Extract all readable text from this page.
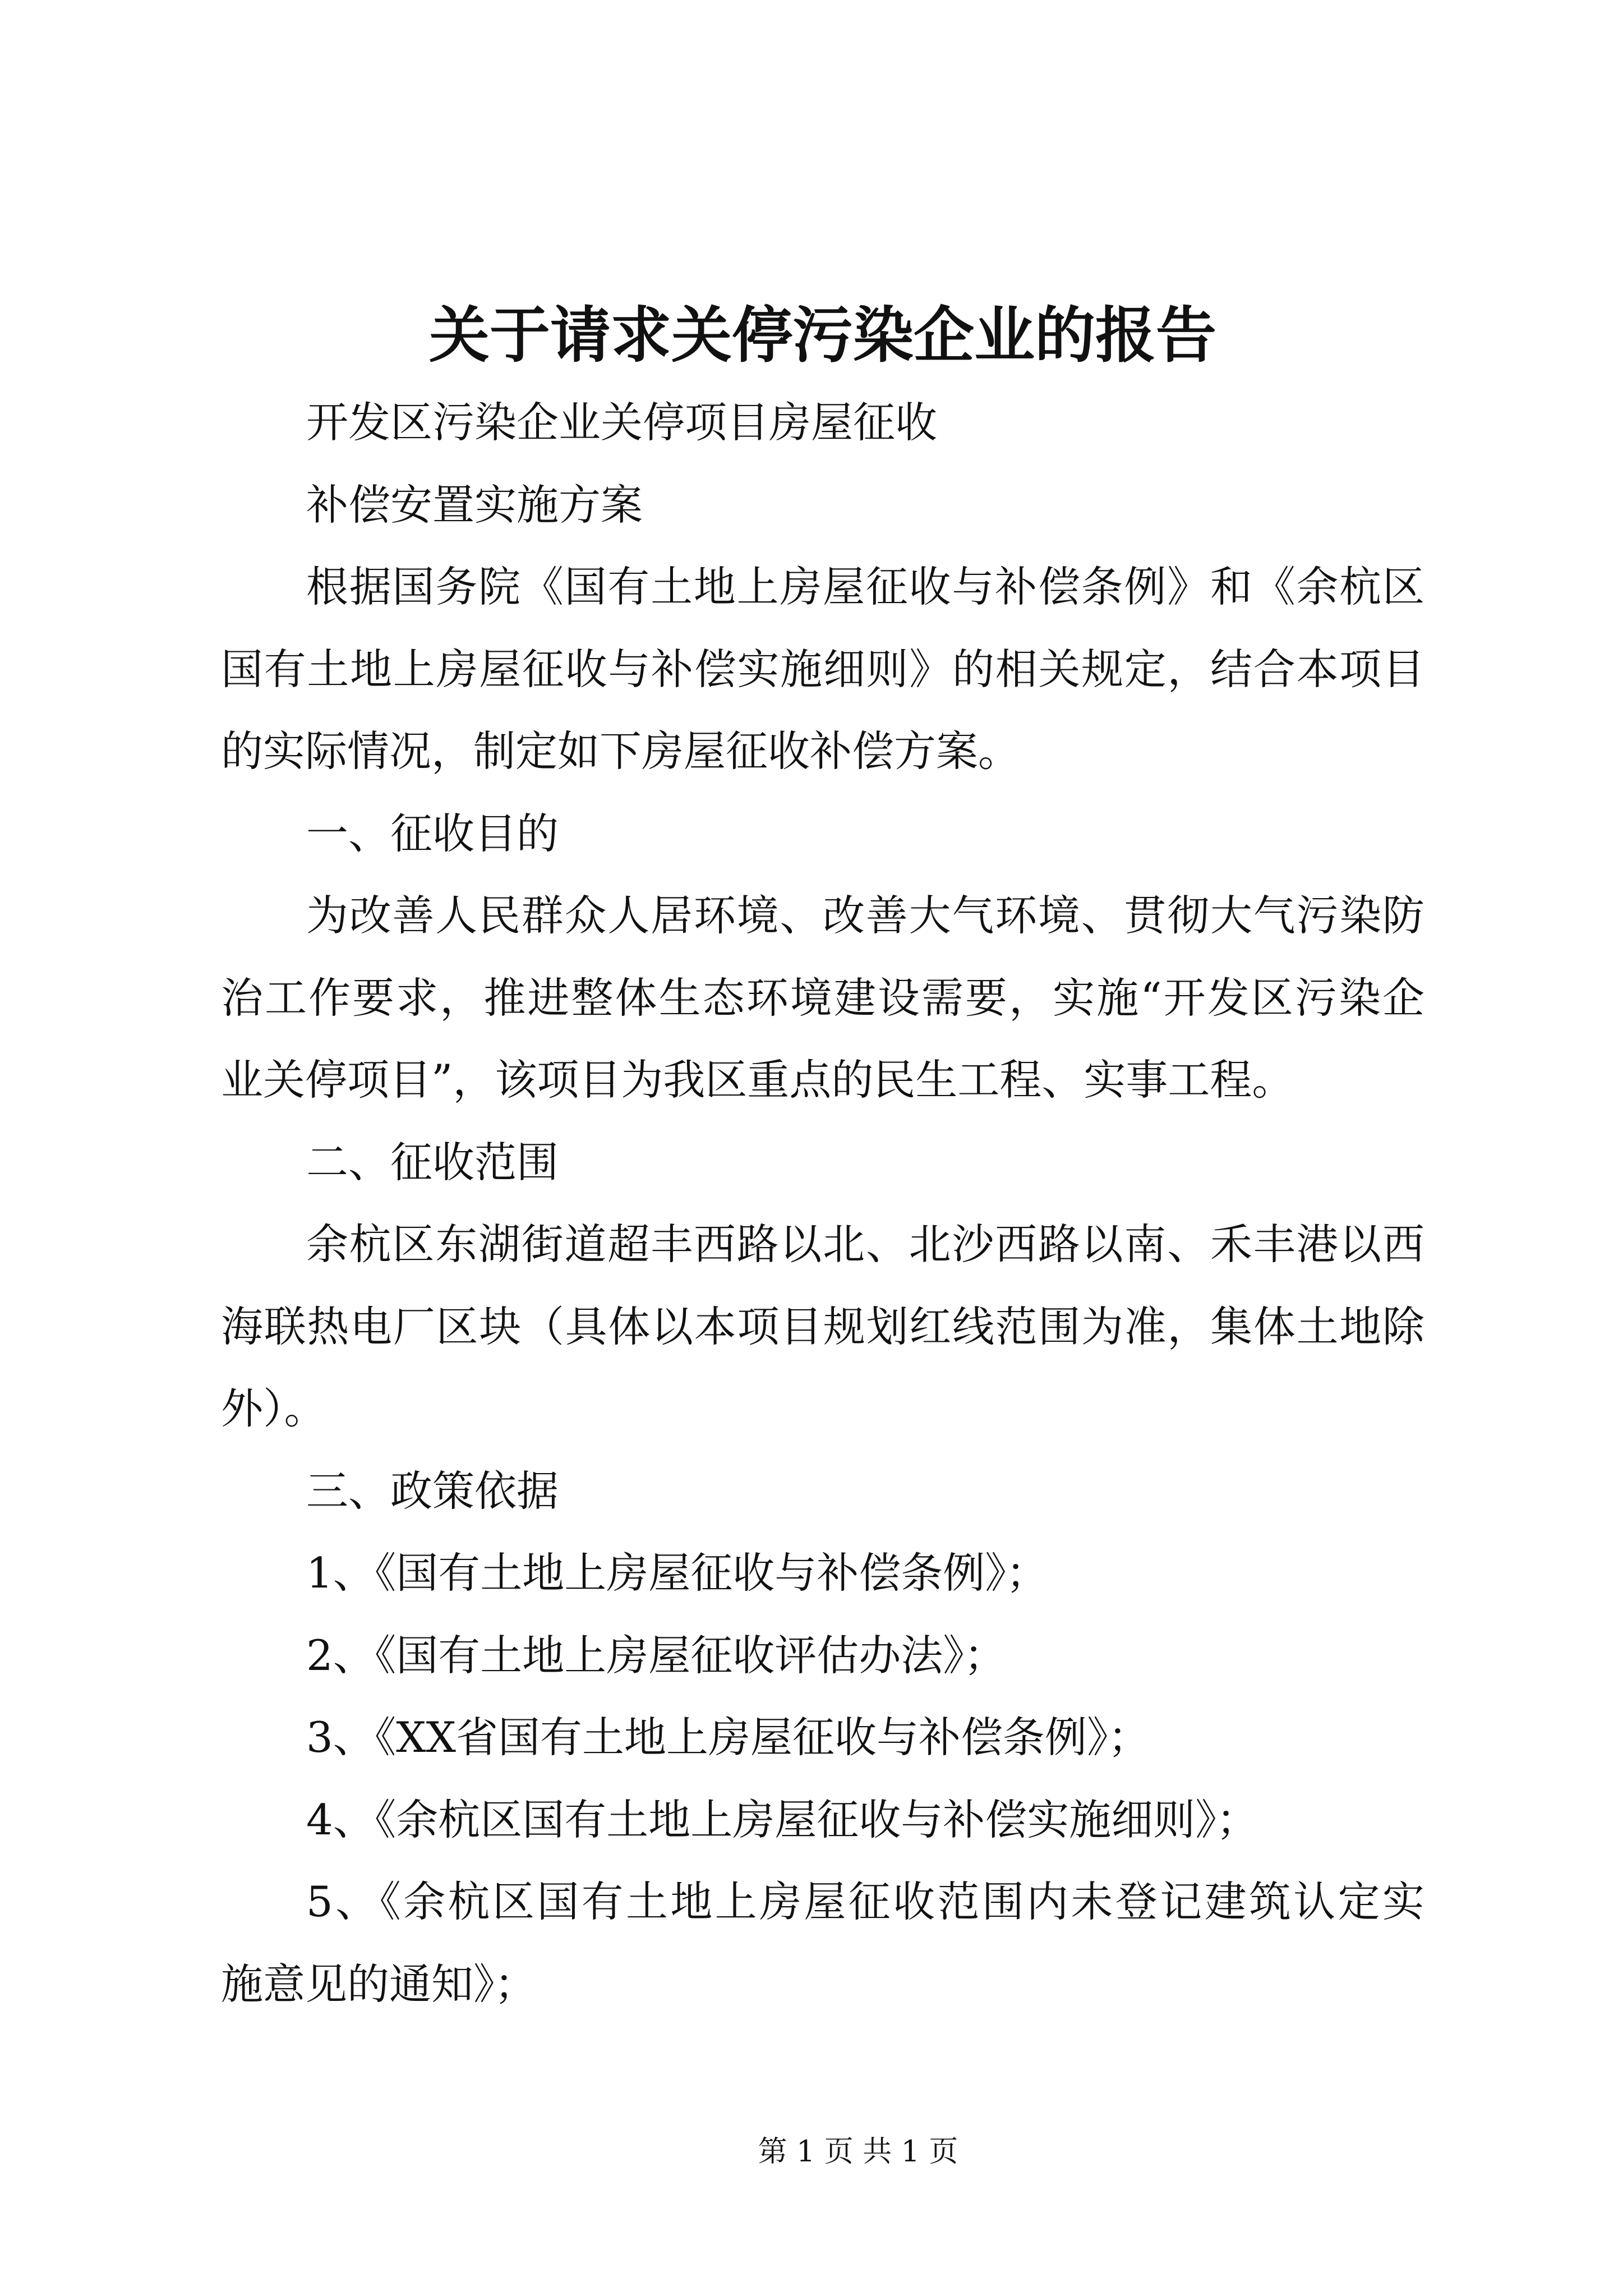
关于请求关停污染企业的报告
开发区污染企业关停项目房屋征收
补偿安置实施方案
根据国务院《国有土地上房屋征收与补偿条例》和《余杭区
国有土地上房屋征收与补偿实施细则》的相关规定，结合本项目
的实际情况，制定如下房屋征收补偿方案。
一、征收目的
为改善人民群众人居环境、改善大气环境、贯彻大气污染防
治工作要求，推进整体生态环境建设需要，实施“开发区污染企
业关停项目”，该项目为我区重点的民生工程、实事工程。
二、征收范围
余杭区东湖街道超丰西路以北、北沙西路以南、禾丰港以西
海联热电厂区块（具体以本项目规划红线范围为准，集体土地除
外）。
三、政策依据
1、《国有土地上房屋征收与补偿条例》；
2、《国有土地上房屋征收评估办法》；
3、《XX省国有土地上房屋征收与补偿条例》；
4、《余杭区国有土地上房屋征收与补偿实施细则》；
5、《余杭区国有土地上房屋征收范围内未登记建筑认定实
施意见的通知》；
第 1 页 共 1 页
